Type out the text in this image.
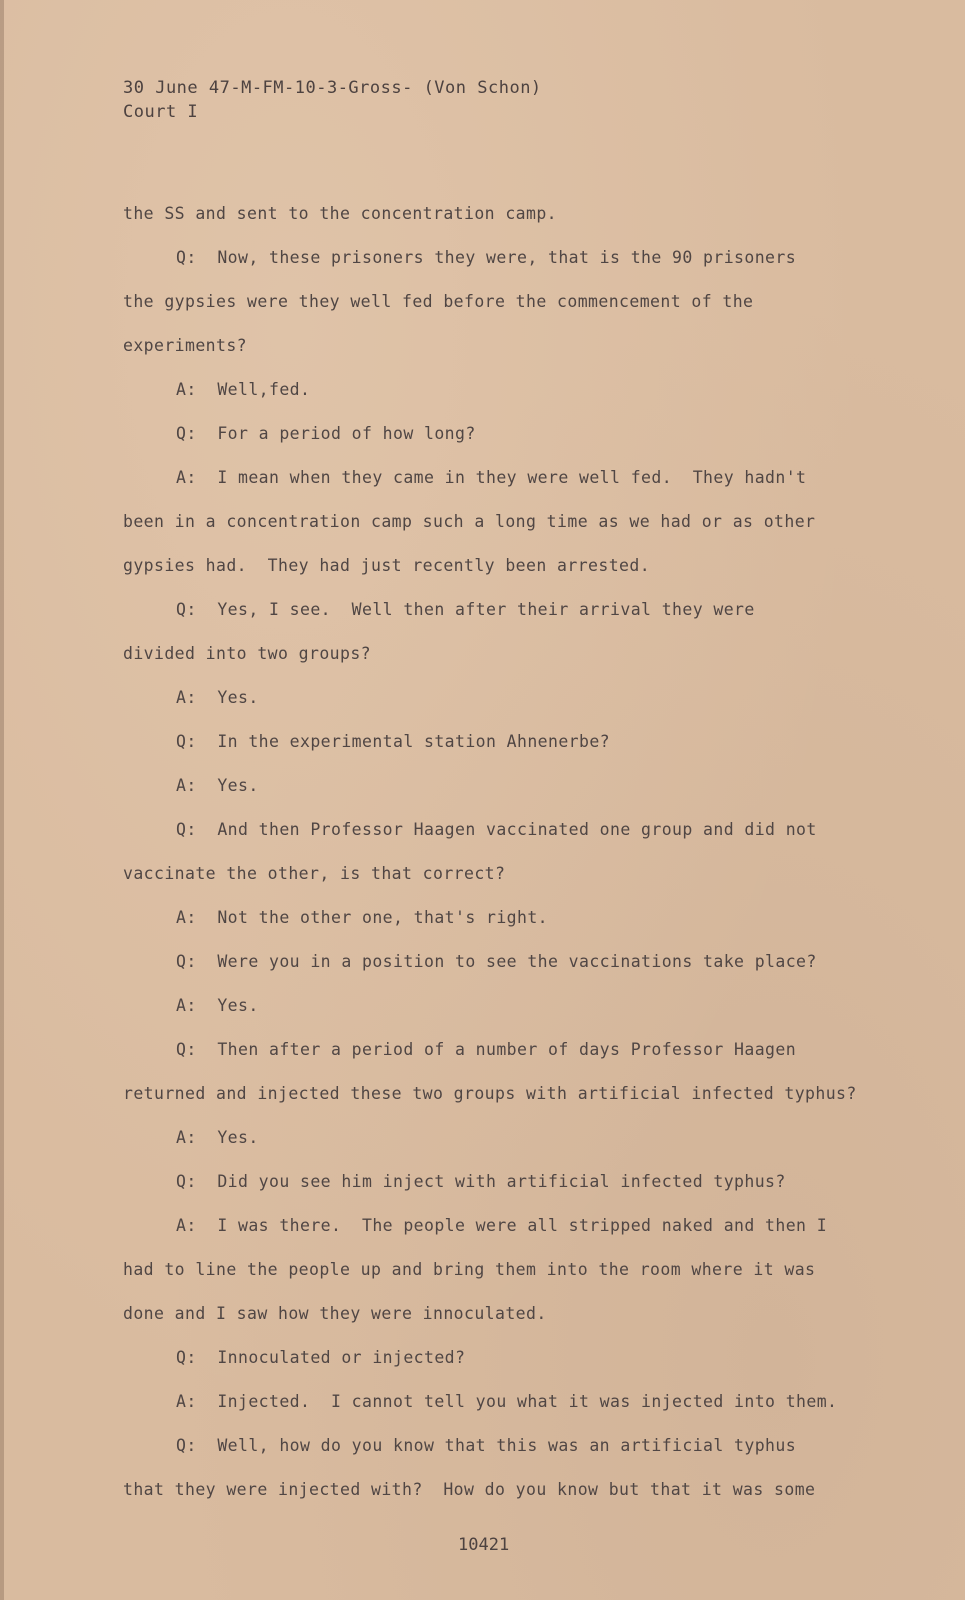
30 June 47-M-FM-10-3-Gross- (Von Schon)
Court I
the SS and sent to the concentration camp.
Q:  Now, these prisoners they were, that is the 90 prisoners
the gypsies were they well fed before the commencement of the
experiments?
A:  Well,fed.
Q:  For a period of how long?
A:  I mean when they came in they were well fed.  They hadn't
been in a concentration camp such a long time as we had or as other
gypsies had.  They had just recently been arrested.
Q:  Yes, I see.  Well then after their arrival they were
divided into two groups?
A:  Yes.
Q:  In the experimental station Ahnenerbe?
A:  Yes.
Q:  And then Professor Haagen vaccinated one group and did not
vaccinate the other, is that correct?
A:  Not the other one, that's right.
Q:  Were you in a position to see the vaccinations take place?
A:  Yes.
Q:  Then after a period of a number of days Professor Haagen
returned and injected these two groups with artificial infected typhus?
A:  Yes.
Q:  Did you see him inject with artificial infected typhus?
A:  I was there.  The people were all stripped naked and then I
had to line the people up and bring them into the room where it was
done and I saw how they were innoculated.
Q:  Innoculated or injected?
A:  Injected.  I cannot tell you what it was injected into them.
Q:  Well, how do you know that this was an artificial typhus
that they were injected with?  How do you know but that it was some
10421
